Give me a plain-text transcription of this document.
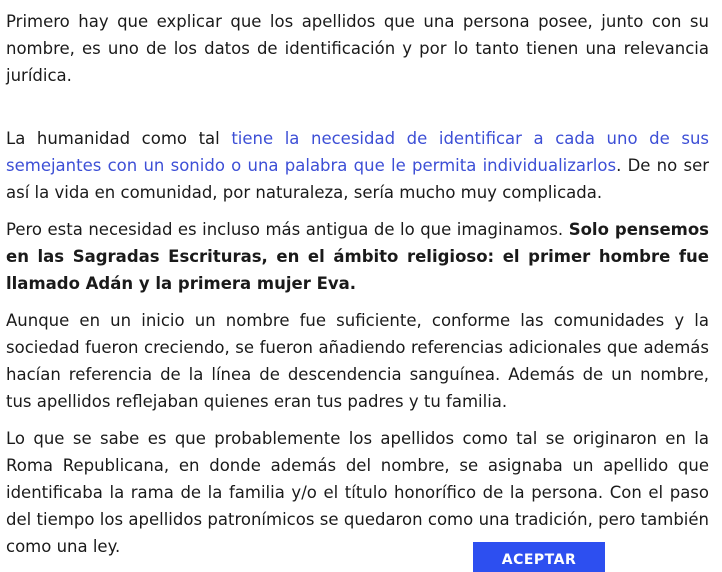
Primero hay que explicar que los apellidos que una persona posee, junto con su nombre, es uno de los datos de identificación y por lo tanto tienen una relevancia jurídica.

La humanidad como tal tiene la necesidad de identificar a cada uno de sus semejantes con un sonido o una palabra que le permita individualizarlos. De no ser así la vida en comunidad, por naturaleza, sería mucho muy complicada.

Pero esta necesidad es incluso más antigua de lo que imaginamos. Solo pensemos en las Sagradas Escrituras, en el ámbito religioso: el primer hombre fue llamado Adán y la primera mujer Eva.

Aunque en un inicio un nombre fue suficiente, conforme las comunidades y la sociedad fueron creciendo, se fueron añadiendo referencias adicionales que además hacían referencia de la línea de descendencia sanguínea. Además de un nombre, tus apellidos reflejaban quienes eran tus padres y tu familia.

Lo que se sabe es que probablemente los apellidos como tal se originaron en la Roma Republicana, en donde además del nombre, se asignaba un apellido que identificaba la rama de la familia y/o el título honorífico de la persona. Con el paso del tiempo los apellidos patronímicos se quedaron como una tradición, pero también como una ley.

ACEPTAR
